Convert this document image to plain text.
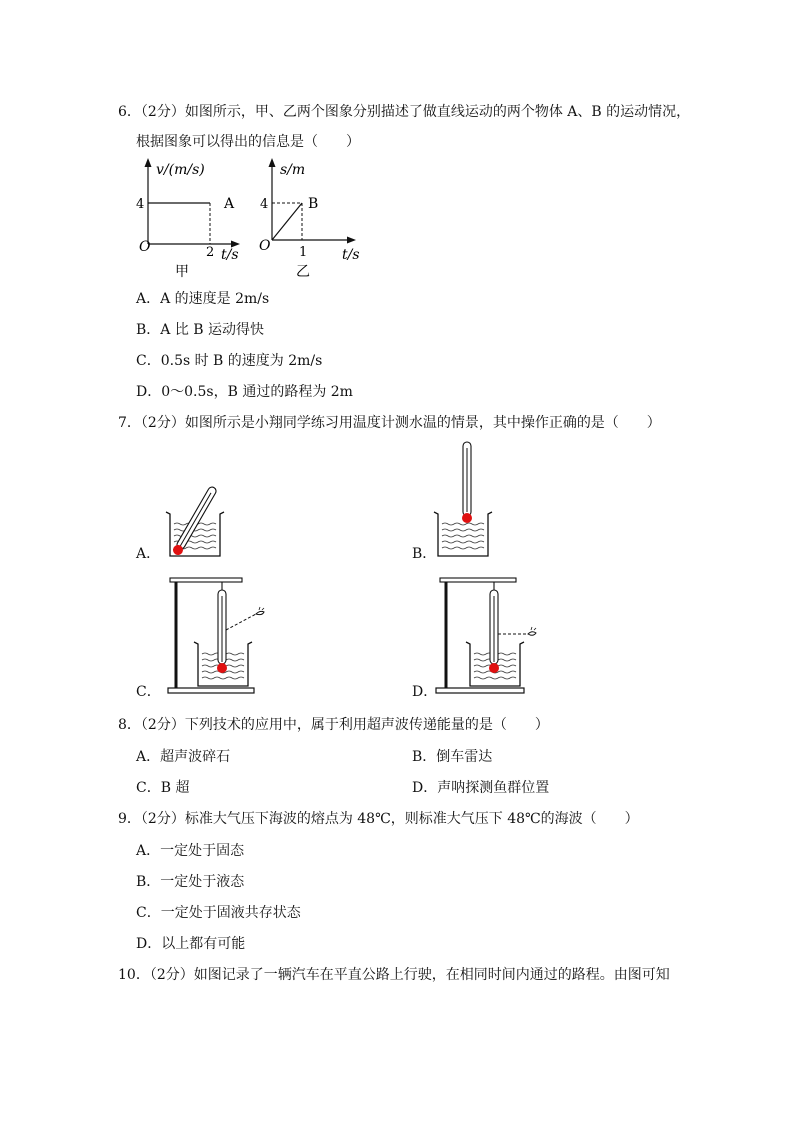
6．（2分）如图所示，甲、乙两个图象分别描述了做直线运动的两个物体 A、B 的运动情况，
根据图象可以得出的信息是（　　）
v/(m/s)
4	A
O	2 t/s
甲
s/m
4	B
O 1 t/s
乙
A．A 的速度是 2m/s
B．A 比 B 运动得快
C．0.5s 时 B 的速度为 2m/s
D．0～0.5s，B 通过的路程为 2m
7．（2分）如图所示是小翔同学练习用温度计测水温的情景，其中操作正确的是（　　）
A．	B．
C．	D．
8．（2分）下列技术的应用中，属于利用超声波传递能量的是（　　）
A．超声波碎石	B．倒车雷达
C．B 超	D．声呐探测鱼群位置
9．（2分）标准大气压下海波的熔点为 48℃，则标准大气压下 48℃的海波（　　）
A．一定处于固态
B．一定处于液态
C．一定处于固液共存状态
D．以上都有可能
10．（2分）如图记录了一辆汽车在平直公路上行驶，在相同时间内通过的路程。由图可知
